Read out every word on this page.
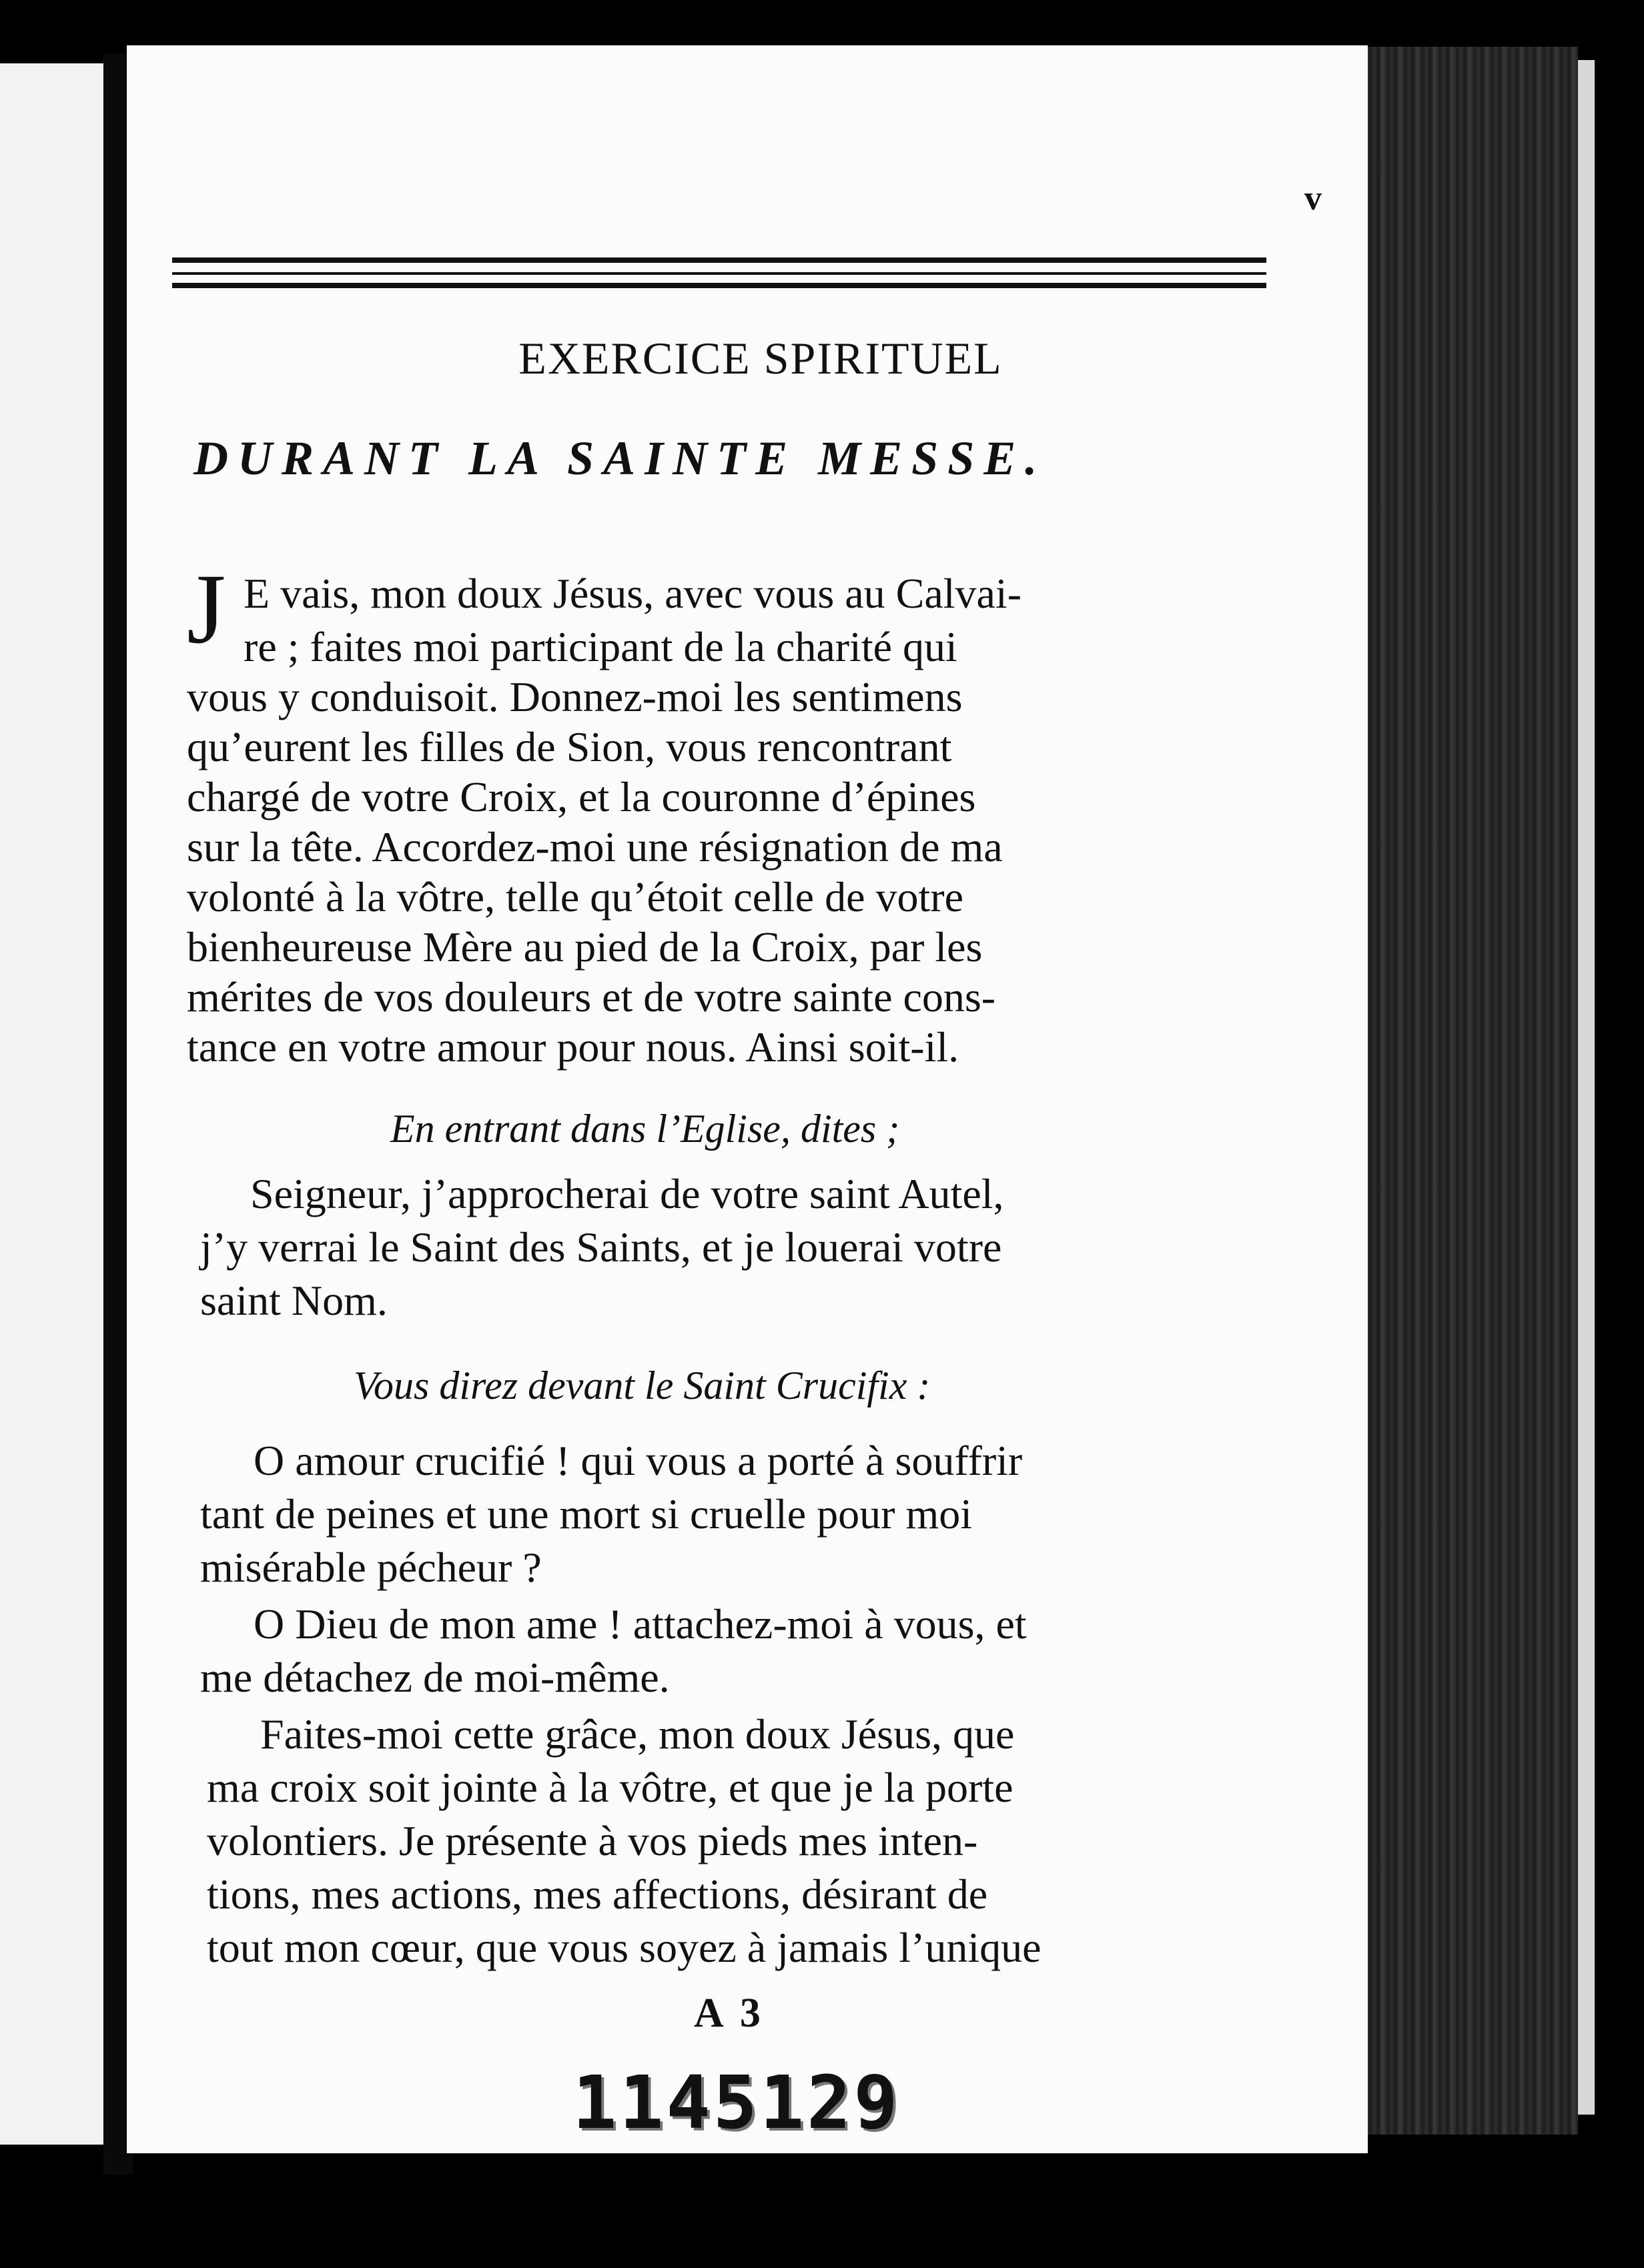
v
EXERCICE SPIRITUEL
DURANT LA SAINTE MESSE.
J E vais, mon doux Jésus, avec vous au Calvai-
re ; faites moi participant de la charité qui
vous y conduisoit. Donnez-moi les sentimens
qu’eurent les filles de Sion, vous rencontrant
chargé de votre Croix, et la couronne d’épines
sur la tête. Accordez-moi une résignation de ma
volonté à la vôtre, telle qu’étoit celle de votre
bienheureuse Mère au pied de la Croix, par les
mérites de vos douleurs et de votre sainte cons-
tance en votre amour pour nous. Ainsi soit-il.
En entrant dans l’Eglise, dites ;
Seigneur, j’approcherai de votre saint Autel,
j’y verrai le Saint des Saints, et je louerai votre
saint Nom.
Vous direz devant le Saint Crucifix :
O amour crucifié ! qui vous a porté à souffrir
tant de peines et une mort si cruelle pour moi
misérable pécheur ?
O Dieu de mon ame ! attachez-moi à vous, et
me détachez de moi-même.
Faites-moi cette grâce, mon doux Jésus, que
ma croix soit jointe à la vôtre, et que je la porte
volontiers. Je présente à vos pieds mes inten-
tions, mes actions, mes affections, désirant de
tout mon cœur, que vous soyez à jamais l’unique
A 3
1145129
